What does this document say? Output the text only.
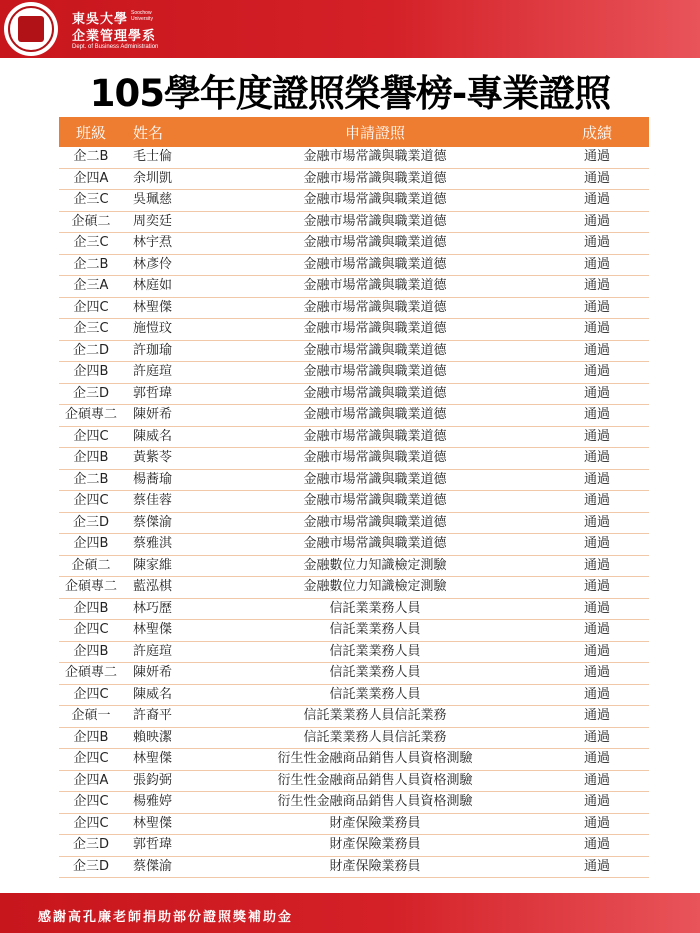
東吳大學 Soochow University
企業管理學系
Dept. of Business Administration
105學年度證照榮譽榜-專業證照
班級	姓名	申請證照	成績
企二B	毛士倫	金融市場常識與職業道德	通過
企四A	余圳凱	金融市場常識與職業道德	通過
企三C	吳珮慈	金融市場常識與職業道德	通過
企碩二	周奕廷	金融市場常識與職業道德	通過
企三C	林宇焄	金融市場常識與職業道德	通過
企二B	林彥伶	金融市場常識與職業道德	通過
企三A	林庭如	金融市場常識與職業道德	通過
企四C	林聖傑	金融市場常識與職業道德	通過
企三C	施愷玟	金融市場常識與職業道德	通過
企二D	許珈瑜	金融市場常識與職業道德	通過
企四B	許庭瑄	金融市場常識與職業道德	通過
企三D	郭哲瑋	金融市場常識與職業道德	通過
企碩專二	陳妍希	金融市場常識與職業道德	通過
企四C	陳威名	金融市場常識與職業道德	通過
企四B	黃紫苓	金融市場常識與職業道德	通過
企二B	楊蕎瑜	金融市場常識與職業道德	通過
企四C	蔡佳蓉	金融市場常識與職業道德	通過
企三D	蔡傑渝	金融市場常識與職業道德	通過
企四B	蔡雅淇	金融市場常識與職業道德	通過
企碩二	陳家維	金融數位力知識檢定測驗	通過
企碩專二	藍泓棋	金融數位力知識檢定測驗	通過
企四B	林巧歷	信託業業務人員	通過
企四C	林聖傑	信託業業務人員	通過
企四B	許庭瑄	信託業業務人員	通過
企碩專二	陳妍希	信託業業務人員	通過
企四C	陳威名	信託業業務人員	通過
企碩一	許裔平	信託業業務人員信託業務	通過
企四B	賴映潔	信託業業務人員信託業務	通過
企四C	林聖傑	衍生性金融商品銷售人員資格測驗	通過
企四A	張鈞弼	衍生性金融商品銷售人員資格測驗	通過
企四C	楊雅婷	衍生性金融商品銷售人員資格測驗	通過
企四C	林聖傑	財產保險業務員	通過
企三D	郭哲瑋	財產保險業務員	通過
企三D	蔡傑渝	財產保險業務員	通過
感謝高孔廉老師捐助部份證照獎補助金
